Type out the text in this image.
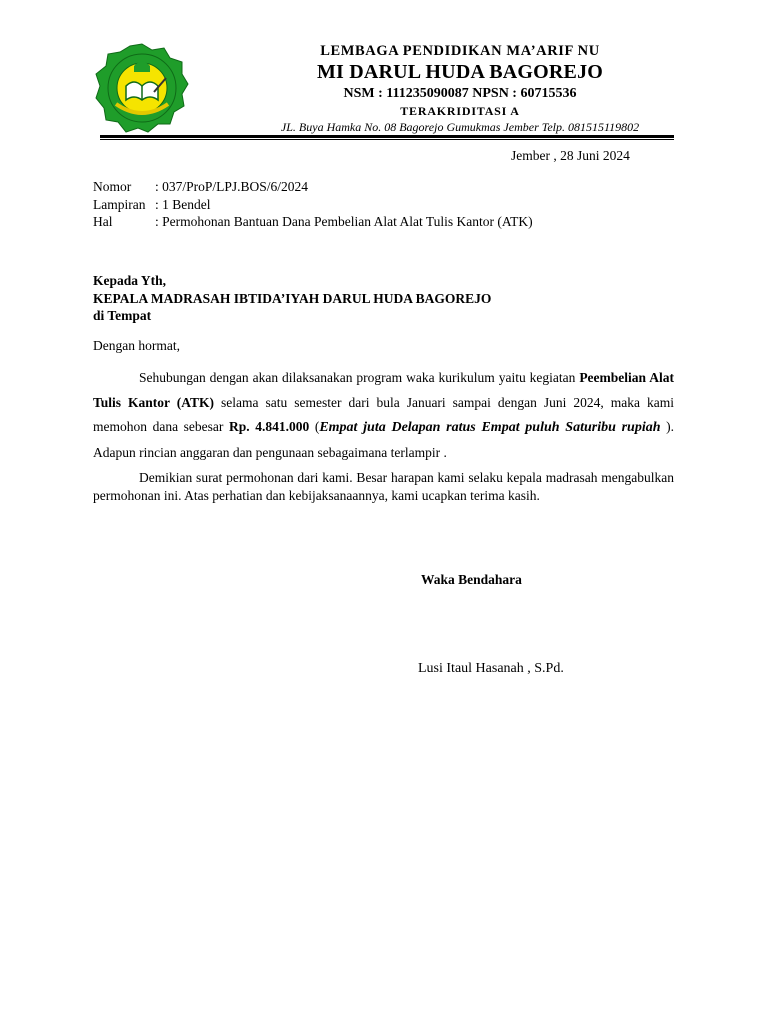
LEMBAGA PENDIDIKAN MA’ARIF NU
MI DARUL HUDA BAGOREJO
NSM : 111235090087 NPSN : 60715536
TERAKRIDITASI A
JL. Buya Hamka No. 08 Bagorejo Gumukmas Jember Telp. 081515119802
Jember , 28 Juni 2024
Nomor : 037/ProP/LPJ.BOS/6/2024
Lampiran : 1 Bendel
Hal	: Permohonan Bantuan Dana Pembelian Alat Alat Tulis Kantor (ATK)
Kepada Yth,
KEPALA MADRASAH IBTIDA’IYAH DARUL HUDA BAGOREJO
di Tempat
Dengan hormat,

Sehubungan dengan akan dilaksanakan program waka kurikulum yaitu kegiatan Peembelian Alat Tulis Kantor (ATK) selama satu semester dari bula Januari sampai dengan Juni 2024, maka kami memohon dana sebesar Rp. 4.841.000 (Empat juta Delapan ratus Empat puluh Saturibu rupiah ). Adapun rincian anggaran dan pengunaan sebagaimana terlampir .

Demikian surat permohonan dari kami. Besar harapan kami selaku kepala madrasah mengabulkan permohonan ini. Atas perhatian dan kebijaksanaannya, kami ucapkan terima kasih.

Waka Bendahara
Lusi Itaul Hasanah , S.Pd.
